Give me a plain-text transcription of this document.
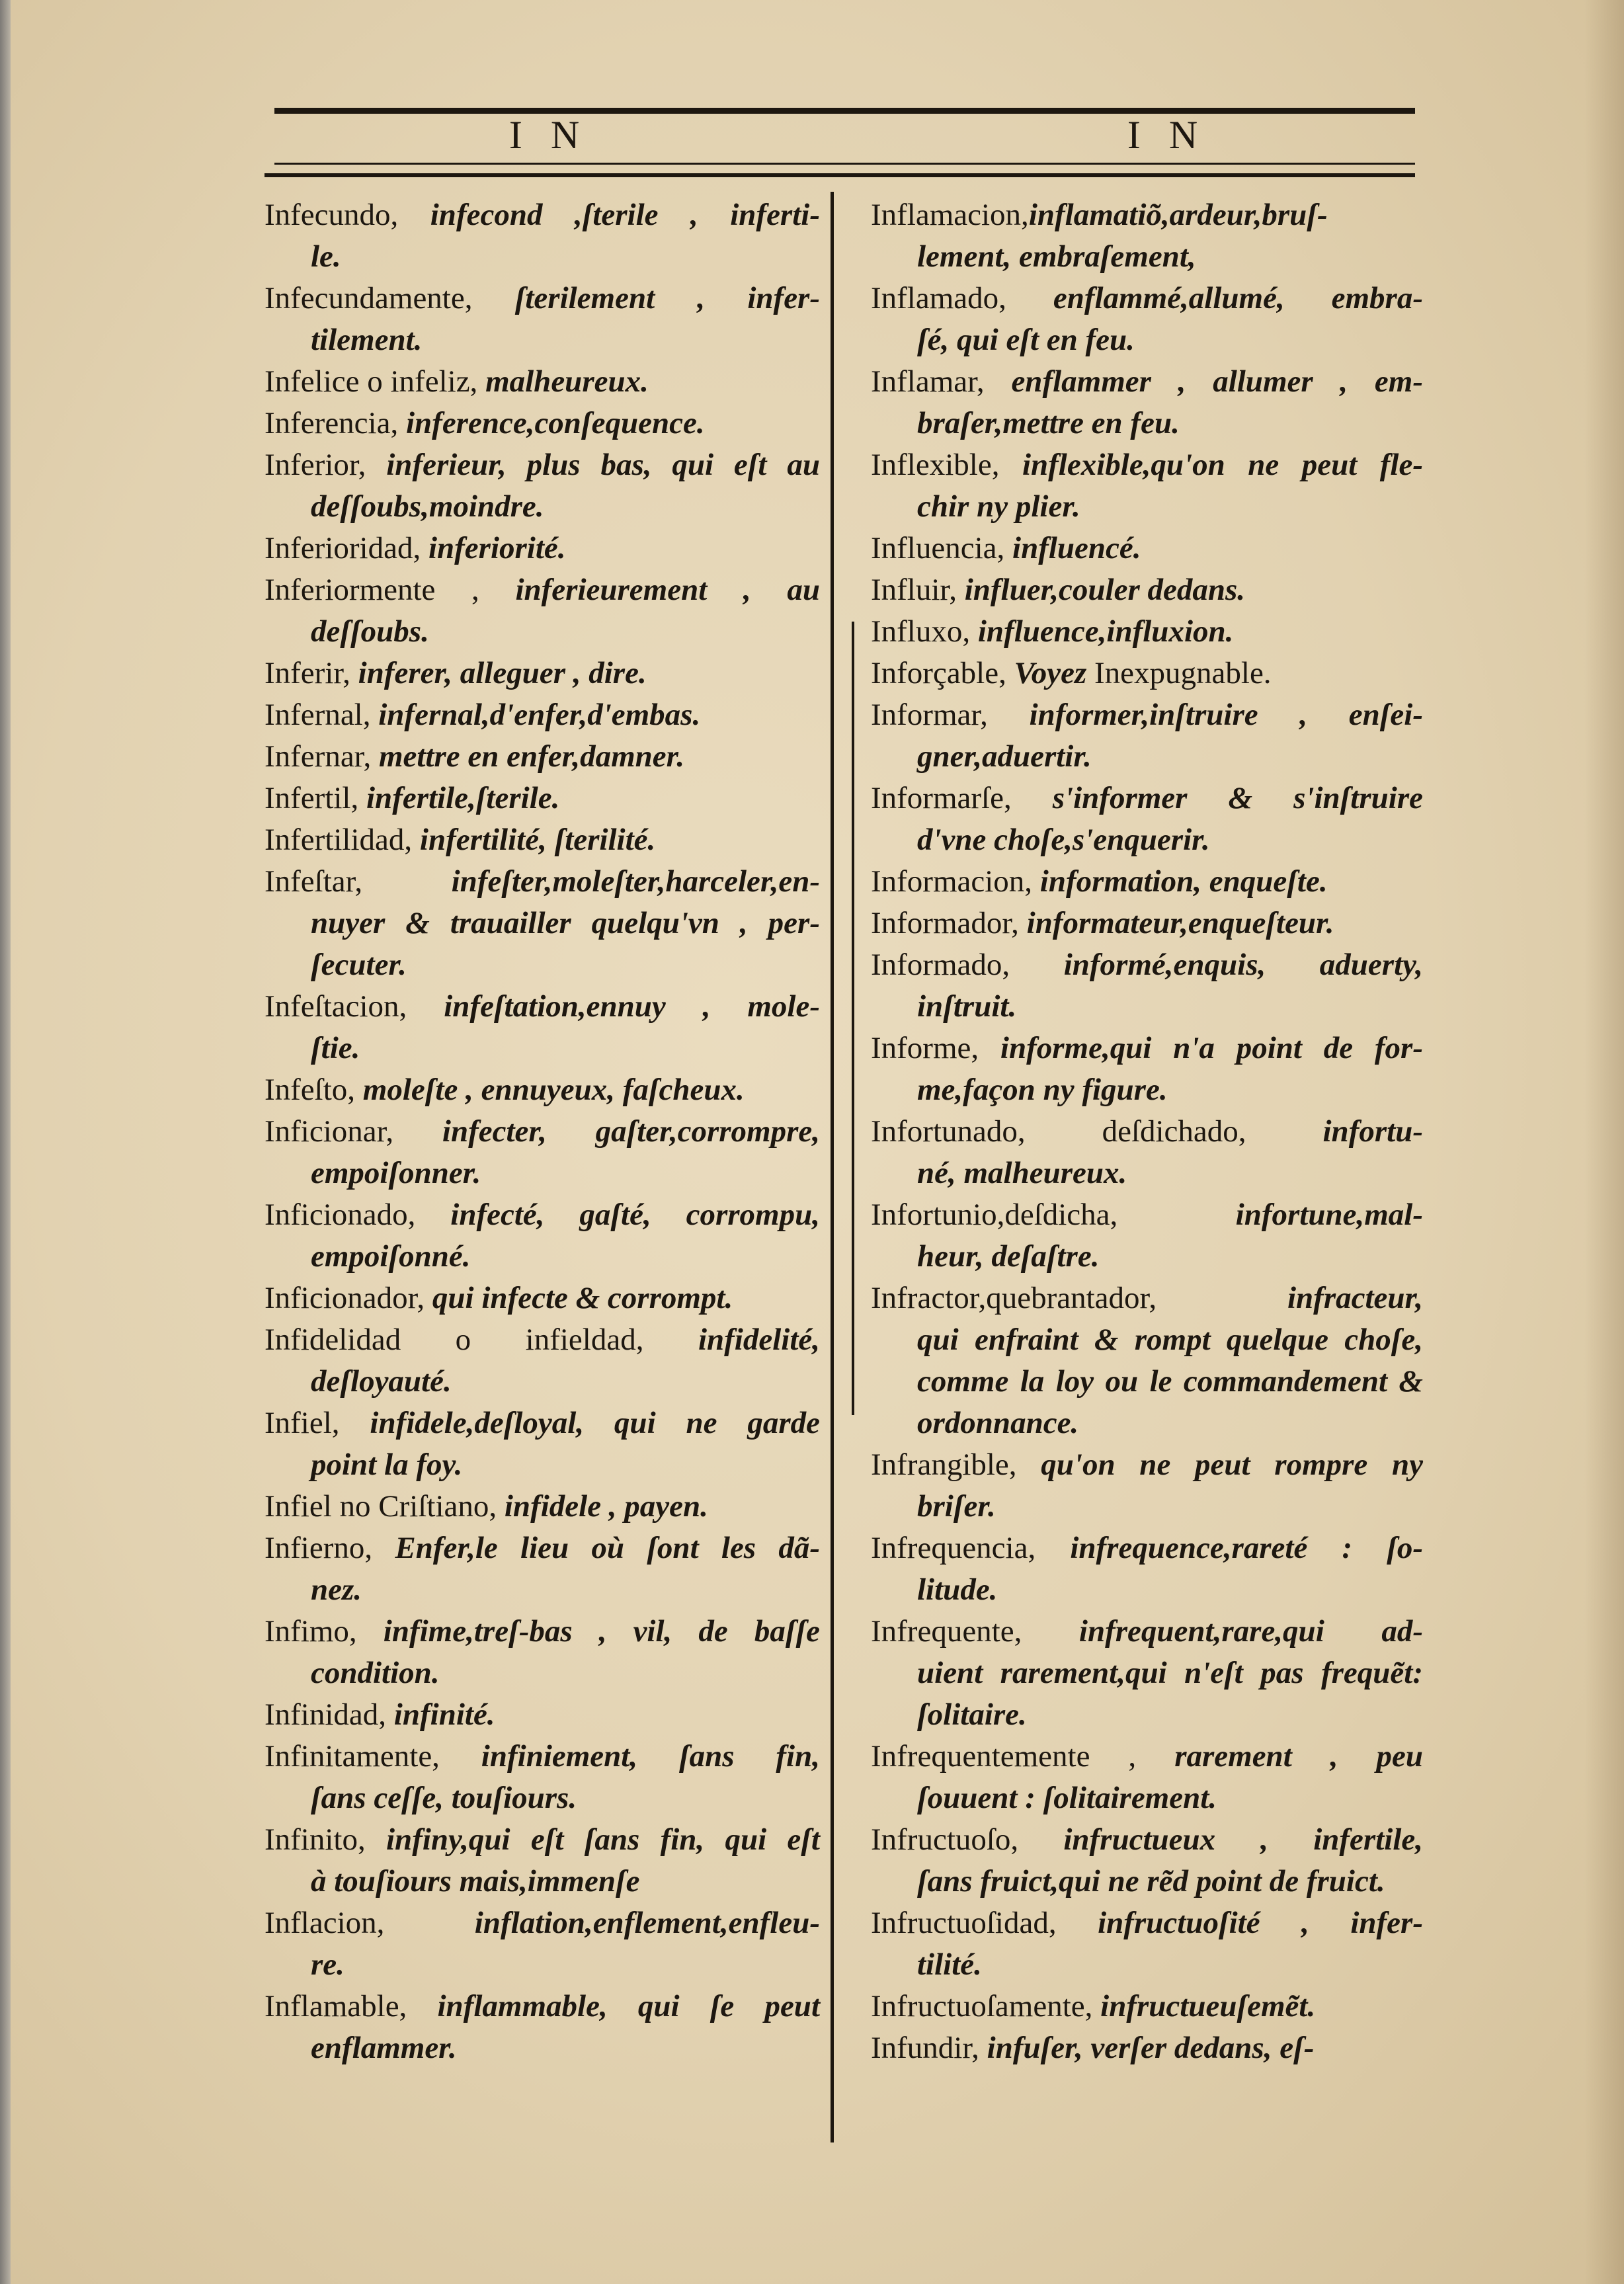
I N	I N
Infecundo, infecond ,ſterile , inferti-
le.
Infecundamente, ſterilement , infer-
tilement.
Infelice o infeliz, malheureux.
Inferencia, inference,conſequence.
Inferior, inferieur, plus bas, qui eſt au
deſſoubs,moindre.
Inferioridad, inferiorité.
Inferiormente , inferieurement , au
deſſoubs.
Inferir, inferer, alleguer , dire.
Infernal, infernal,d'enfer,d'embas.
Infernar, mettre en enfer,damner.
Infertil, infertile,ſterile.
Infertilidad, infertilité, ſterilité.
Infeſtar, infeſter,moleſter,harceler,en-
nuyer & trauailler quelqu'vn , per-
ſecuter.
Infeſtacion, infeſtation,ennuy , mole-
ſtie.
Infeſto, moleſte , ennuyeux, faſcheux.
Inficionar, infecter, gaſter,corrompre,
empoiſonner.
Inficionado, infecté, gaſté, corrompu,
empoiſonné.
Inficionador, qui infecte & corrompt.
Infidelidad o infieldad, infidelité,
deſloyauté.
Infiel, infidele,deſloyal, qui ne garde
point la foy.
Infiel no Criſtiano, infidele , payen.
Infierno, Enfer,le lieu où ſont les dã-
nez.
Infimo, infime,treſ-bas , vil, de baſſe
condition.
Infinidad, infinité.
Infinitamente, infiniement, ſans fin,
ſans ceſſe, touſiours.
Infinito, infiny,qui eſt ſans fin, qui eſt
à touſiours mais,immenſe
Inflacion, inflation,enflement,enfleu-
re.
Inflamable, inflammable, qui ſe peut
enflammer.
Inflamacion,inflamatiõ,ardeur,bruſ-
lement, embraſement,
Inflamado, enflammé,allumé, embra-
ſé, qui eſt en feu.
Inflamar, enflammer , allumer , em-
braſer,mettre en feu.
Inflexible, inflexible,qu'on ne peut fle-
chir ny plier.
Influencia, influencé.
Influir, influer,couler dedans.
Influxo, influence,influxion.
Inforçable, Voyez Inexpugnable.
Informar, informer,inſtruire , enſei-
gner,aduertir.
Informarſe, s'informer & s'inſtruire
d'vne choſe,s'enquerir.
Informacion, information, enqueſte.
Informador, informateur,enqueſteur.
Informado, informé,enquis, aduerty,
inſtruit.
Informe, informe,qui n'a point de for-
me,façon ny figure.
Infortunado, deſdichado, infortu-
né, malheureux.
Infortunio,deſdicha, infortune,mal-
heur, deſaſtre.
Infractor,quebrantador, infracteur,
qui enfraint & rompt quelque choſe,
comme la loy ou le commandement &
ordonnance.
Infrangible, qu'on ne peut rompre ny
briſer.
Infrequencia, infrequence,rareté : ſo-
litude.
Infrequente, infrequent,rare,qui ad-
uient rarement,qui n'eſt pas frequẽt:
ſolitaire.
Infrequentemente , rarement , peu
ſouuent : ſolitairement.
Infructuoſo, infructueux , infertile,
ſans fruict,qui ne rẽd point de fruict.
Infructuoſidad, infructuoſité , infer-
tilité.
Infructuoſamente, infructueuſemẽt.
Infundir, infuſer, verſer dedans, eſ-
